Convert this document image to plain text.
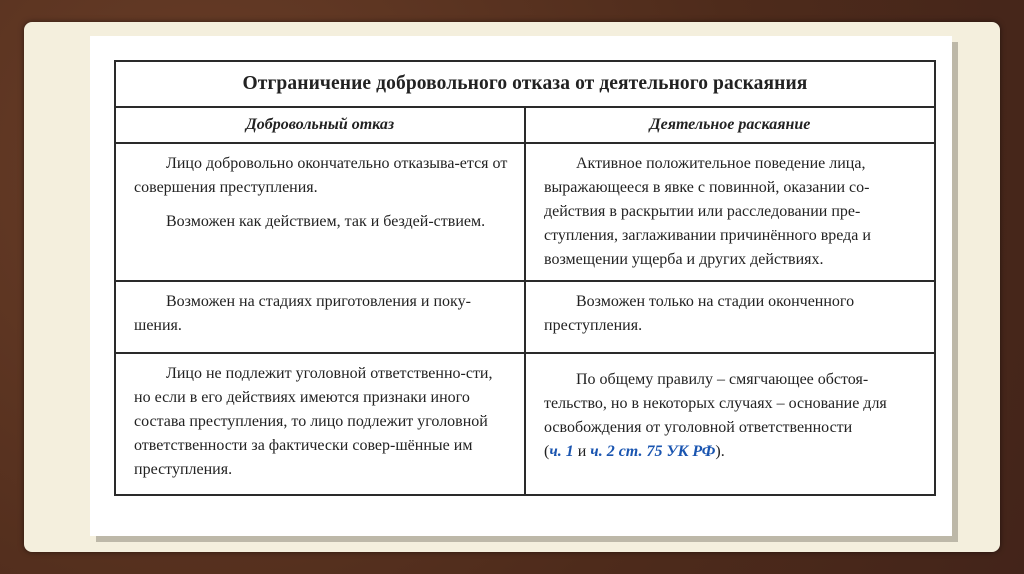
Отграничение добровольного отказа от деятельного раскаяния	
Добровольный отказ	Деятельное раскаяние

Лицо добровольно окончательно отказыва-ется от совершения преступления.

Возможен как действием, так и бездей-ствием.	Активное положительное поведение лица, выражающееся в явке с повинной, оказании со-действия в раскрытии или расследовании пре-ступления, заглаживании причинённого вреда и возмещении ущерба и других действиях.

Возможен на стадиях приготовления и поку-шения.	Возможен только на стадии оконченного преступления.

Лицо не подлежит уголовной ответственно-сти, но если в его действиях имеются признаки иного состава преступления, то лицо подлежит уголовной ответственности за фактически совер-шённые им преступления.	По общему правилу – смягчающее обстоя-тельство, но в некоторых случаях – основание для освобождения от уголовной ответственности
(ч. 1 и ч. 2 ст. 75 УК РФ).
